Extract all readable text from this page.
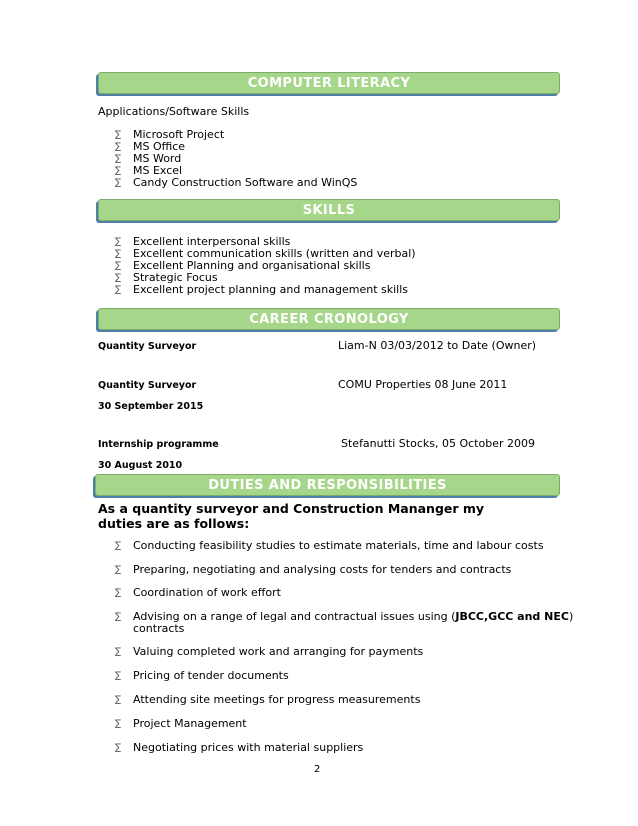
COMPUTER LITERACY
Applications/Software Skills
∑ Microsoft Project
∑ MS Office
∑ MS Word
∑ MS Excel
∑ Candy Construction Software and WinQS
SKILLS
∑ Excellent interpersonal skills
∑ Excellent communication skills (written and verbal)
∑ Excellent Planning and organisational skills
∑ Strategic Focus
∑ Excellent project planning and management skills
CAREER CRONOLOGY
Quantity Surveyor	Liam-N 03/03/2012 to Date (Owner)
Quantity Surveyor	COMU Properties 08 June 2011
30 September 2015
Internship programme	Stefanutti Stocks, 05 October 2009
30 August 2010
DUTIES AND RESPONSIBILITIES
As a quantity surveyor and Construction Mananger my duties are as follows:
∑ Conducting feasibility studies to estimate materials, time and labour costs
∑ Preparing, negotiating and analysing costs for tenders and contracts
∑ Coordination of work effort
∑ Advising on a range of legal and contractual issues using (JBCC,GCC and NEC)
contracts
∑ Valuing completed work and arranging for payments
∑ Pricing of tender documents
∑ Attending site meetings for progress measurements
∑ Project Management
∑ Negotiating prices with material suppliers
2
